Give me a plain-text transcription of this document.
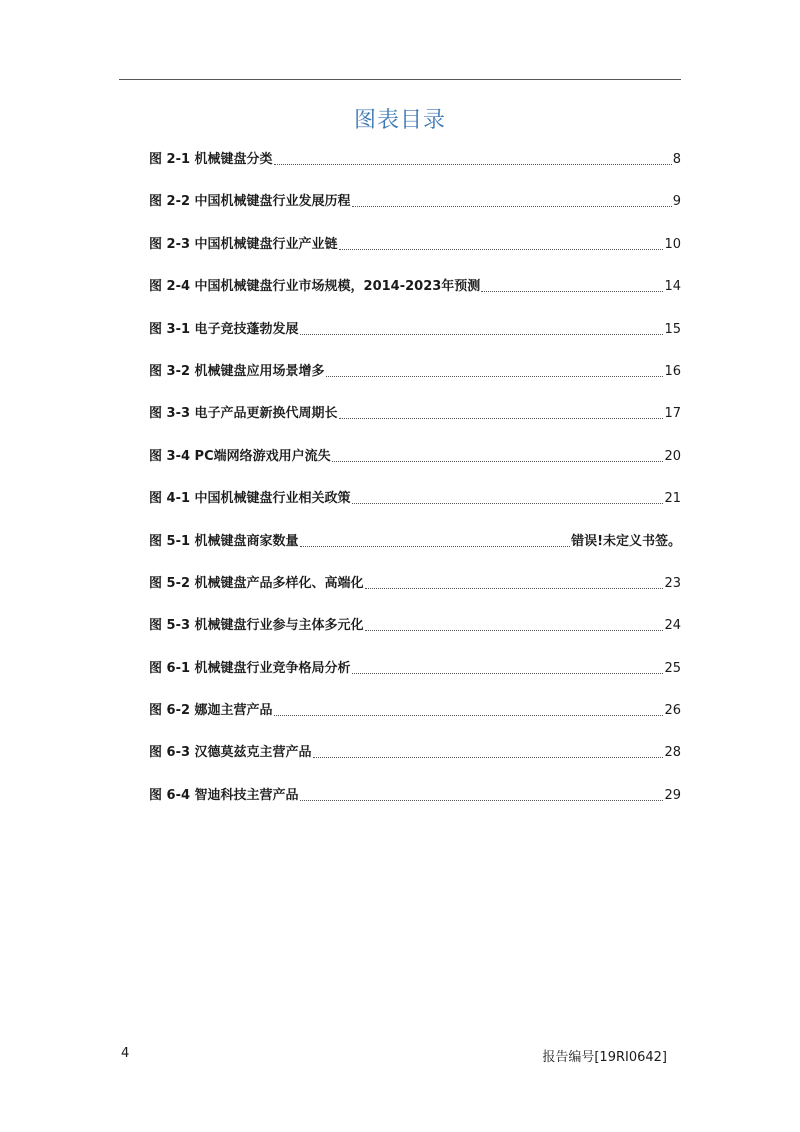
图表目录
图 2-1 机械键盘分类	8
图 2-2 中国机械键盘行业发展历程	9
图 2-3 中国机械键盘行业产业链	10
图 2-4 中国机械键盘行业市场规模，2014-2023年预测	14
图 3-1 电子竞技蓬勃发展	15
图 3-2 机械键盘应用场景增多	16
图 3-3 电子产品更新换代周期长	17
图 3-4 PC端网络游戏用户流失	20
图 4-1 中国机械键盘行业相关政策	21
图 5-1 机械键盘商家数量	错误!未定义书签。
图 5-2 机械键盘产品多样化、高端化	23
图 5-3 机械键盘行业参与主体多元化	24
图 6-1 机械键盘行业竞争格局分析	25
图 6-2 娜迦主营产品	26
图 6-3 汉德莫兹克主营产品	28
图 6-4 智迪科技主营产品	29
4	报告编号[19RI0642]
